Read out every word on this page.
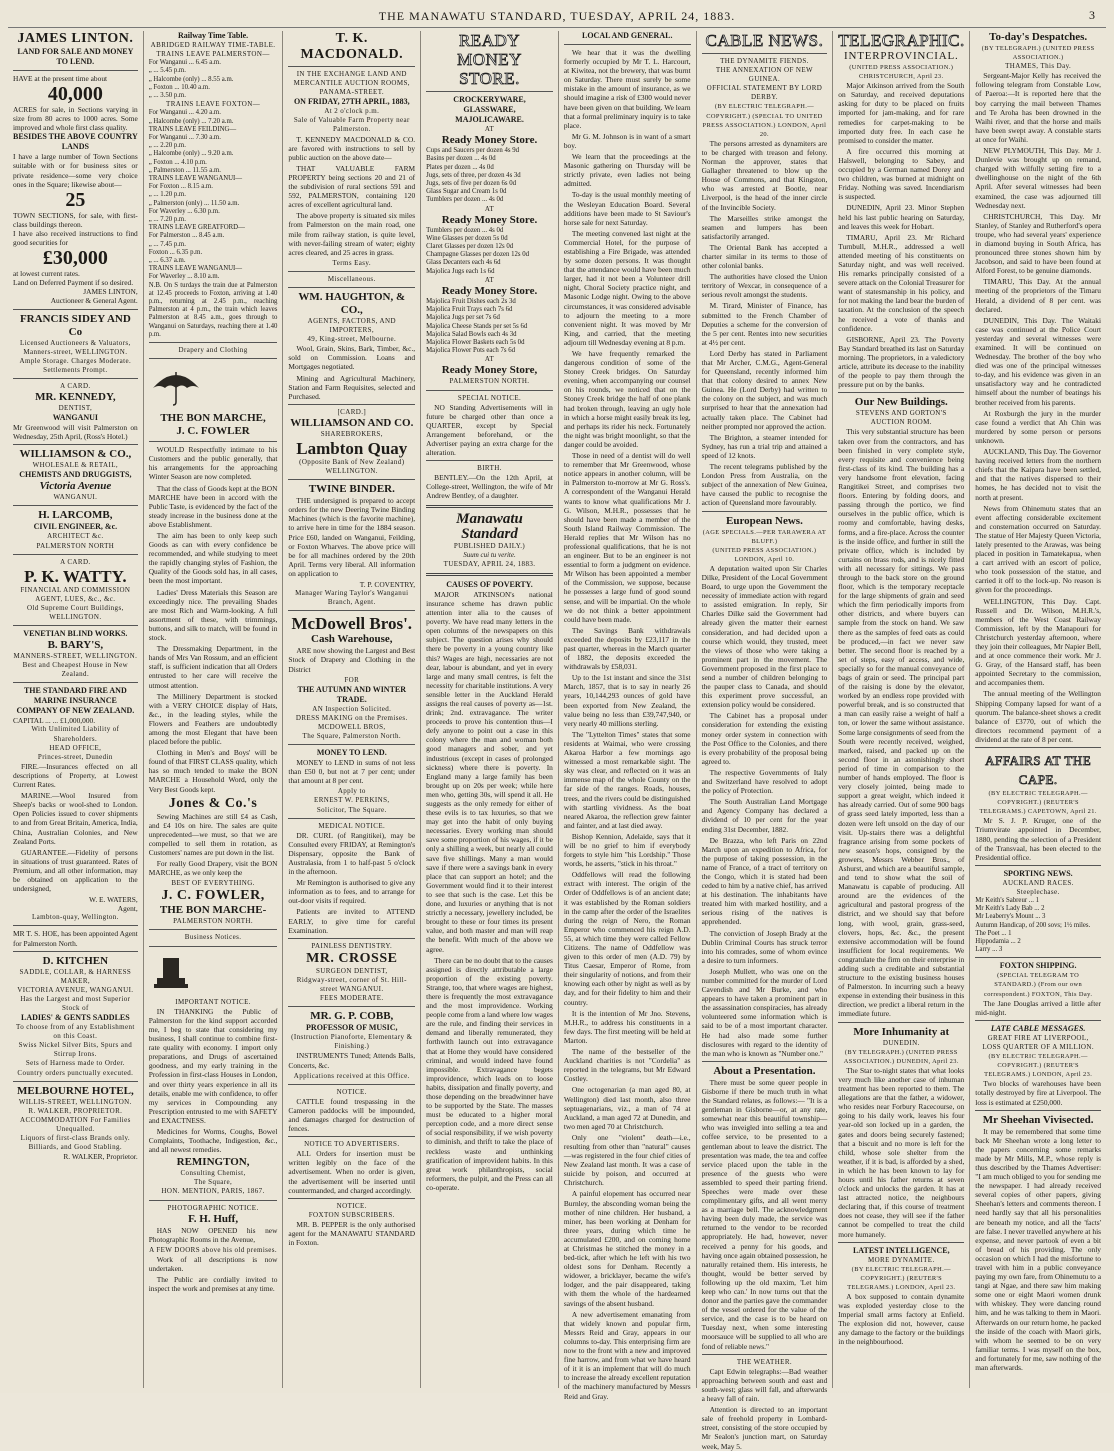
THE MANAWATU STANDARD, TUESDAY, APRIL 24, 1883.	3
JAMES LINTON.
LAND FOR SALE AND MONEY TO LEND.
HAVE at the present time about
40,000
ACRES for sale, in Sections varying in size from 80 acres to 1000 acres. Some improved and whole first class quality.
BESIDES THE ABOVE COUNTRY LANDS
I have a large number of Town Sections suitable with or for business sites or private residence—some very choice ones in the Square; likewise about—
25
TOWN SECTIONS, for sale, with first-class buildings thereon.
I have also received instructions to find good securities for
£30,000
at lowest current rates.
Land on Deferred Payment if so desired.
JAMES LINTON,
Auctioneer & General Agent.
FRANCIS SIDEY AND Co
Licensed Auctioneers & Valuators, Manners-street, WELLINGTON.
Ample Storage. Charges Moderate.
Settlements Prompt.
A CARD.
MR. KENNEDY,
DENTIST,
WANGANUI
Mr Greenwood will visit Palmerston on Wednesday, 25th April, (Ross's Hotel.)
WILLIAMSON & CO.,
WHOLESALE & RETAIL,
CHEMISTS AND DRUGGISTS,
Victoria Avenue
WANGANUI.
H. LARCOMB,
CIVIL ENGINEER, &c.
ARCHITECT &c.
PALMERSTON NORTH
A CARD.
P. K. WATTY.
FINANCIAL AND COMMISSION AGENT, LUES, &c., &c.
Old Supreme Court Buildings,
WELLINGTON.
VENETIAN BLIND WORKS.
B. BARY'S,
MANNERS-STREET, WELLINGTON.
Best and Cheapest House in New Zealand.
THE STANDARD FIRE AND MARINE INSURANCE COMPANY OF NEW ZEALAND.
CAPITAL ... ... £1,000,000.
With Unlimited Liability of Shareholders.
HEAD OFFICE,
Princes-street, Dunedin
FIRE.—Insurances effected on all descriptions of Property, at Lowest Current Rates.
MARINE.—Wool Insured from Sheep's backs or wool-shed to London. Open Policies issued to cover shipments to and from Great Britain, America, India, China, Australian Colonies, and New Zealand Ports.
GUARANTEE.—Fidelity of persons in situations of trust guaranteed. Rates of Premium, and all other information, may be obtained on application to the undersigned,
W. E. WATERS,
Agent,
Lambton-quay, Wellington.
MR T. S. HOE, has been appointed Agent for Palmerston North.
D. KITCHEN
SADDLE, COLLAR, & HARNESS MAKER,
VICTORIA AVENUE, WANGANUI.
Has the Largest and most Superior Stock of
LADIES' & GENTS SADDLES
To choose from of any Establishment on this Coast.
Swiss Nickel Silver Bits, Spurs and Stirrup Irons.
Sets of Harness made to Order.
Country orders punctually executed.
MELBOURNE HOTEL,
WILLIS-STREET, WELLINGTON.
R. WALKER, PROPRIETOR.
ACCOMMODATION For Families Unequalled.
Liquors of first-class Brands only.
Billiards, and Good Stabling.
R. WALKER, Proprietor.
Railway Time Table.
ABRIDGED RAILWAY TIME-TABLE.
TRAINS LEAVE PALMERSTON—
For Wanganui ... 6.45 a.m.
„ ... 5.45 p.m.
„ Halcombe (only) ... 8.55 a.m.
„ Foxton ... 10.40 a.m.
„ ... 3.50 p.m.
TRAINS LEAVE FOXTON—
For Wanganui ... 4.20 a.m.
„ Halcombe (only) ... 7.20 a.m.
TRAINS LEAVE FEILDING—
For Wanganui ... 7.30 a.m.
„ ... 2.20 p.m.
„ Halcombe (only) ... 9.20 a.m.
„ Foxton ... 4.10 p.m.
„ Palmerston ... 11.55 a.m.
TRAINS LEAVE WANGANUI—
For Foxton ... 8.15 a.m.
„ ... 1.20 p.m.
„ Palmerston (only) ... 11.50 a.m.
For Waverley ... 6.30 p.m.
„ ... 7.20 p.m.
TRAINS LEAVE GREATFORD—
For Palmerston ... 8.45 a.m.
„ ... 7.45 p.m.
Foxton ... 6.35 p.m.
„ ... 6.37 a.m.
TRAINS LEAVE WANGANUI—
For Waverley ... 8.10 a.m.
N.B. On S turdays the train due at Palmerston at 12.45 proceeds to Foxton, arriving at 1.40 p.m., returning at 2.45 p.m., reaching Palmerston at 4 p.m., the train which leaves Palmerston at 8.45 a.m., goes through to Wanganui on Saturdays, reaching there at 1.40 p.m.
Drapery and Clothing
THE BON MARCHE,
J. C. FOWLER
WOULD Respectfully intimate to his Customers and the public generally, that his arrangements for the approaching Winter Season are now completed.
That the class of Goods kept at the BON MARCHE have been in accord with the Public Taste, is evidenced by the fact of the steady increase in the business done at the above Establishment.
The aim has been to only keep such Goods as can with every confidence be recommended, and while studying to meet the rapidly changing styles of Fashion, the Quality of the Goods sold has, in all cases, been the most important.
Ladies' Dress Materials this Season are exceedingly nice. The prevailing Shades are most Rich and Warm-looking. A full assortment of these, with trimmings, buttons, and silk to match, will be found in stock.
The Dressmaking Department, in the hands of Mrs Van Rossum, and an efficient staff, is sufficient indication that all Orders entrusted to her care will receive the utmost attention.
The Millinery Department is stocked with a VERY CHOICE display of Hats, &c., in the leading styles, while the Flowers and Feathers are undoubtedly among the most Elegant that have been placed before the public.
Clothing in Men's and Boys' will be found of that FIRST CLASS quality, which has so much tended to make the BON MARCHE a Household Word, only the Very Best Goods kept.
Jones & Co.'s
Sewing Machines are still £4 as Cash, and £4 10s on hire. The sales are quite unprecedented—we must, so that we are compelled to sell them in rotation, as Customers' names are put down in the list.
For really Good Drapery, visit the BON MARCHE, as we only keep the
BEST OF EVERYTHING.
J. C. FOWLER,
THE BON MARCHE-
PALMERSTON NORTH.
Business Notices.
IMPORTANT NOTICE.
IN THANKING the Public of Palmerston for the kind support accorded me, I beg to state that considering my business, I shall continue to combine first-rate quality with economy. I import only preparations, and Drugs of ascertained goodness, and my early training in the Profession in first-class Houses in London, and over thirty years experience in all its details, enable me with confidence, to offer my services in Compounding any Prescription entrusted to me with SAFETY and EXACTNESS.
Medicines for Worms, Coughs, Bowel Complaints, Toothache, Indigestion, &c., and all newest remedies.
REMINGTON,
Consulting Chemist,
The Square,
HON. MENTION, PARIS, 1867.
PHOTOGRAPHIC NOTICE.
F. H. Huff,
HAS NOW OPENED his new Photographic Rooms in the Avenue,
A FEW DOORS above his old premises.
Work of all descriptions is now undertaken.
The Public are cordially invited to inspect the work and premises at any time.
T. K. MACDONALD.
IN THE EXCHANGE LAND AND MERCANTILE AUCTION ROOMS,
PANAMA-STREET.
ON FRIDAY, 27TH APRIL, 1883,
At 2 o'clock p.m.
Sale of Valuable Farm Property near Palmerston.
T. KENNEDY MACDONALD & CO. are favored with instructions to sell by public auction on the above date—
THAT VALUABLE FARM PROPERTY being sections 20 and 21 of the subdivision of rural sections 591 and 592, PALMERSTON, containing 120 acres of excellent agricultural land.
The above property is situated six miles from Palmerston on the main road, one mile from railway station, is quite level, with never-failing stream of water; eighty acres cleared, and 25 acres in grass.
Terms Easy.
Miscellaneous.
WM. HAUGHTON, & CO.,
AGENTS, FACTORS, AND IMPORTERS,
49, King-street, Melbourne.
Wool, Grain, Skins, Bark, Timber, &c., sold on Commission. Loans and Mortgages negotiated.
Mining and Agricultural Machinery, Station and Farm Requisites, selected and Purchased.
[CARD.]
WILLIAMSON AND CO.
SHAREBROKERS,
Lambton Quay
(Opposite Bank of New Zealand)
WELLINGTON.
TWINE BINDER.
THE undersigned is prepared to accept orders for the new Deering Twine Binding Machines (which is the favorite machine), to arrive here in time for the 1884 season. Price £60, landed on Wanganui, Feilding, or Foxton Wharves. The above price will be for all machines ordered by the 20th April. Terms very liberal. All information on application to
T. P. COVENTRY,
Manager Waring Taylor's Wanganui Branch, Agent.
McDowell Bros'.
Cash Warehouse,
ARE now showing the Largest and Best Stock of Drapery and Clothing in the District
FOR
THE AUTUMN AND WINTER TRADE.
AN Inspection Solicited.
DRESS MAKING on the Premises.
MCDOWELL BROS,
The Square, Palmerston North.
MONEY TO LEND.
MONEY to LEND in sums of not less than £50 0, but not at 7 per cent; under that amount at 8 per cent.
Apply to
ERNEST W. PERKINS,
Solicitor, The Square.
MEDICAL NOTICE.
DR. CURL (of Rangitikei), may be Consulted every FRIDAY, at Remington's Dispensary, opposite the Bank of Australasia, from 1 to half-past 5 o'clock in the afternoon.
Mr Remington is authorised to give any information as to fees, and to arrange for out-door visits if required.
Patients are invited to ATTEND EARLY, to give time for careful Examination.
PAINLESS DENTISTRY.
MR. CROSSE
SURGEON DENTIST,
Ridgway-street, corner of St. Hill-street WANGANUI.
FEES MODERATE.
MR. G. P. COBB,
PROFESSOR OF MUSIC,
(Instruction Pianoforte, Elementary & Finishing.)
INSTRUMENTS Tuned; Attends Balls, Concerts, &c.
Applications received at this Office.
NOTICE.
CATTLE found trespassing in the Cameron paddocks will be impounded, and damages charged for destruction of fences.
NOTICE TO ADVERTISERS.
ALL Orders for insertion must be written legibly on the face of the advertisement. When no order is given, the advertisement will be inserted until countermanded, and charged accordingly.
NOTICE.
FOXTON SUBSCRIBERS.
MR. B. PEPPER is the only authorised agent for the MANAWATU STANDARD in Foxton.
READY MONEY STORE.
CROCKERYWARE,
GLASSWARE,
MAJOLICAWARE.
AT
Ready Money Store.
Cups and Saucers per dozen 4s 9d
Basins per dozen ... 4s 0d
Plates per dozen ... 4s 0d
Jugs, sets of three, per dozen 4s 3d
Jugs, sets of five per dozen 6s 0d
Glass Sugar and Cream 1s 0d
Tumblers per dozen ... 4s 0d
AT
Ready Money Store.
Tumblers per dozen ... 4s 0d
Wine Glasses per dozen 5s 0d
Claret Glasses per dozen 12s 0d
Champagne Glasses per dozen 12s 0d
Glass Decanters each 4s 6d
Majolica Jugs each 1s 6d
AT
Ready Money Store.
Majolica Fruit Dishes each 2s 3d
Majolica Fruit Trays each 7s 6d
Majolica Jugs per set 7s 6d
Majolica Cheese Stands per set 5s 6d
Majolica Salad Bowls each 4s 3d
Majolica Flower Baskets each 5s 0d
Majolica Flower Pots each 7s 6d
AT
Ready Money Store,
PALMERSTON NORTH.
SPECIAL NOTICE.
NO Standing Advertisements will in future be charged other than once a QUARTER, except by Special Arrangement beforehand, or the Advertiser paying an extra charge for the alteration.
BIRTH.
BENTLEY.—On the 12th April, at College-street, Wellington, the wife of Mr Andrew Bentley, of a daughter.
Manawatu Standard
PUBLISHED DAILY.)
Suum cui tu verite.
TUESDAY, APRIL 24, 1883.
CAUSES OF POVERTY.
MAJOR ATKINSON's national insurance scheme has drawn public attention inter alia to the causes of poverty. We have read many letters in the open columns of the newspapers on this subject. The question arises why should there be poverty in a young country like this? Wages are high, necessaries are not dear, labour is abundant, and yet in every large and many small centres, is felt the necessity for charitable institutions. A very sensible letter in the Auckland Herald assigns the real causes of poverty as—1st. drink; 2nd. extravagance. The writer proceeds to prove his contention thus—I defy anyone to point out a case in this colony where the man and woman both good managers and sober, and yet industrious (except in cases of prolonged sickness) where there is poverty. In England many a large family has been brought up on 20s per week; while here men who, getting 30s, will spend it all. He suggests as the only remedy for either of these evils is to tax luxuries, so that we may get into the habit of only buying necessaries. Every working man should save some proportion of his wages, if it be only a shilling a week, but nearly all could save five shillings. Many a man would save if there were a savings bank in every place that can support an hotel; and the Government would find it to their interest to see that such is the case. Let this be done, and luxuries or anything that is not strictly a necessary, jewellery included, be brought to these or four times its present value, and both master and man will reap the benefit. With much of the above we agree.
There can be no doubt that to the causes assigned is directly attributable a large proportion of the existing poverty. Strange, too, that where wages are highest, there is frequently the most extravagance and the most improvidence. Working people come from a land where low wages are the rule, and finding their services in demand and liberally remunerated, they forthwith launch out into extravagance that at Home they would have considered criminal, and would indeed have found impossible. Extravagance begets improvidence, which leads on to loose habits, dissipation and finally poverty, and those depending on the breadwinner have to be supported by the State. The masses must be educated to a higher moral perception code, and a more direct sense of social responsibility, if we wish poverty to diminish, and thrift to take the place of reckless waste and unthinking gratification of improvident habits. In this great work philanthropists, social reformers, the pulpit, and the Press can all co-operate.
LOCAL AND GENERAL.
We hear that it was the dwelling formerly occupied by Mr T. L. Harcourt, at Kiwitea, not the brewery, that was burnt on Saturday. There must surely be some mistake in the amount of insurance, as we should imagine a risk of £300 would never have been given on that building. We learn that a formal preliminary inquiry is to take place.
Mr G. M. Johnson is in want of a smart boy.
We learn that the proceedings at the Masonic gathering on Thursday will be strictly private, even ladies not being admitted.
To-day is the usual monthly meeting of the Wesleyan Education Board. Several additions have been made to St Saviour's horse sale for next Saturday.
The meeting convened last night at the Commercial Hotel, for the purpose of establishing a Fire Brigade, was attended by some dozen persons. It was thought that the attendance would have been much larger, had it not been a Volunteer drill night, Choral Society practice night, and Masonic Lodge night. Owing to the above circumstances, it was considered advisable to adjourn the meeting to a more convenient night. It was moved by Mr King, and carried, that the meeting adjourn till Wednesday evening at 8 p.m.
We have frequently remarked the dangerous condition of some of the Stoney Creek bridges. On Saturday evening, when accompanying our counsel on his rounds, we noticed that on the Stoney Creek bridge the half of one plank had broken through, leaving an ugly hole in which a horse might easily break its leg, and perhaps its rider his neck. Fortunately the night was bright moonlight, so that the danger could be avoided.
Those in need of a dentist will do well to remember that Mr Greenwood, whose notice appears in another column, will be in Palmerston to-morrow at Mr G. Ross's. A correspondent of the Wanganui Herald wants to know what qualifications Mr J. G. Wilson, M.H.R., possesses that he should have been made a member of the South Island Railway Commission. The Herald replies that Mr Wilson has no professional qualifications, that he is not an engineer. But to be an engineer is not essential to form a judgment on evidence. Mr Wilson has been appointed a member of the Commission, we suppose, because he possesses a large fund of good sound sense, and will be impartial. On the whole we do not think a better appointment could have been made.
The Savings Bank withdrawals exceeded the deposits by £23,117 in the past quarter, whereas in the March quarter of 1882, the deposits exceeded the withdrawals by £58,031.
Up to the 1st instant and since the 31st March, 1857, that is to say in nearly 26 years, 10,144,293 ounces of gold have been exported from New Zealand, the value being no less than £39,747,940, or very nearly 40 millions sterling.
The "Lyttelton Times" states that some residents at Waimai, who were crossing Akaroa Harbor a few mornings ago witnessed a most remarkable sight. The sky was clear, and reflected on it was an immense map of the whole County on the far side of the ranges. Roads, houses, trees, and the rivers could be distinguished with startling vividness. As the boat neared Akaroa, the reflection grew fainter and fainter, and at last died away.
Bishop Kennion, Adelaide, says that it will be no grief to him if everybody forgets to style him "his Lordship." Those words, he asserts, "stick in his throat."
Oddfellows will read the following extract with interest. The origin of the Order of Oddfellows is of an ancient date; it was established by the Roman soldiers in the camp after the order of the Israelites during the reign of Nero, the Roman Emperor who commenced his reign A.D. 55, at which time they were called Fellow Citizens. The name of Oddfellow was given to this order of men (A.D. 79) by Titus Caesar, Emperor of Rome, from their singularity of notions, and from their knowing each other by night as well as by day, and for their fidelity to him and their country.
It is the intention of Mr Jno. Stevens, M.H.R., to address his constituents in a few days. The first meeting will be held at Marton.
The name of the bestseller of the Auckland charities is not "Cordelia" as reported in the telegrams, but Mr Edward Costley.
One octogenarian (a man aged 80, at Wellington) died last month, also three septuagenarians, viz., a man of 74 at Auckland, a man aged 72 at Dunedin, and two men aged 70 at Christchurch.
Only one "violent" death—i.e., resulting from other than "natural" causes—was registered in the four chief cities of New Zealand last month. It was a case of suicide by poison, and occurred at Christchurch.
A painful elopement has occurred near Burnley, the absconding woman being the mother of nine children. Her husband, a miner, has been working at Denham for three years, during which time he accumulated £200, and on coming home at Christmas he stitched the money in a bed-tick, after which he left with his two oldest sons for Denham. Recently a widower, a bricklayer, became the wife's lodger, and the pair disappeared, taking with them the whole of the hardearned savings of the absent husband.
A new advertisement emanating from that widely known and popular firm, Messrs Reid and Gray, appears in our columns to-day. This enterprising firm are now to the front with a new and improved fine harrow, and from what we have heard of it it is an implement that will do much to increase the already excellent reputation of the machinery manufactured by Messrs Reid and Gray.
CABLE NEWS.
THE DYNAMITE FIENDS.
THE ANNEXATION OF NEW GUINEA.
OFFICIAL STATEMENT BY LORD DERBY.
(BY ELECTRIC TELEGRAPH.—COPYRIGHT.) (SPECIAL TO UNITED PRESS ASSOCIATION.) LONDON, April 20.
The persons arrested as dynamiters are to be charged with treason and felony. Norman the approver, states that Gallagher threatened to blow up the House of Commons, and that Kingston, who was arrested at Bootle, near Liverpool, is the head of the inner circle of the Invincible Society.
The Marseilles strike amongst the seamen and lumpers has been satisfactorily arranged.
The Oriental Bank has accepted a charter similar in its terms to those of other colonial banks.
The authorities have closed the Union territory of Wexcar, in consequence of a serious revolt amongst the students.
M. Tirard, Minister of Finance, has submitted to the French Chamber of Deputies a scheme for the conversion of the 5 per cent. Rentes into new securities at 4½ per cent.
Lord Derby has stated in Parliament that Mr Archer, C.M.G., Agent-General for Queensland, recently informed him that that colony desired to annex New Guinea. He (Lord Derby) had written to the colony on the subject, and was much surprised to hear that the annexation had actually taken place. The Cabinet had neither prompted nor approved the action.
The Brighton, a steamer intended for Sydney, has run a trial trip and attained a speed of 12 knots.
The recent telegrams published by the London Press from Australia, on the subject of the annexation of New Guinea, have caused the public to recognise the action of Queensland more favourably.
European News.
(AGE SPECIALS.—PER TARAWERA AT BLUFF.)
(UNITED PRESS ASSOCIATION.) LONDON, April 10.
A deputation waited upon Sir Charles Dilke, President of the Local Government Board, to urge upon the Government the necessity of immediate action with regard to assisted emigration. In reply, Sir Charles Dilke said the Government had already given the matter their earnest consideration, and had decided upon a course which would, they trusted, meet the views of those who were taking a prominent part in the movement. The Government proposed in the first place to send a number of children belonging to the pauper class to Canada, and should this experiment prove successful, an extension policy would be considered.
The Cabinet has a proposal under consideration for extending the existing money order system in connection with the Post Office to the Colonies, and there is every probability of the proposal being agreed to.
The respective Governments of Italy and Switzerland have resolved to adopt the policy of Protection.
The South Australian Land Mortgage and Agency Company has declared a dividend of 10 per cent for the year ending 31st December, 1882.
De Brazza, who left Paris on 22nd March upon an expedition to Africa, for the purpose of taking possession, in the name of France, of a tract of territory on the Congo, which it is stated had been ceded to him by a native chief, has arrived at his destination. The inhabitants have treated him with marked hostility, and a serious rising of the natives is apprehended.
The conviction of Joseph Brady at the Dublin Criminal Courts has struck terror into his comrades, some of whom evince a desire to turn informers.
Joseph Mullett, who was one on the number committed for the murder of Lord Cavendish and Mr Burke, and who appears to have taken a prominent part in the assassination conspiracies, has already volunteered some information which is said to be of a most important character. He had also made some further disclosures with regard to the identity of the man who is known as "Number one."
About a Presentation.
There must be some queer people in Gisborne if there be much truth in what the Standard relates, as follows:— "It is a gentleman in Gisborne—or, at any rate, somewhat near this beautiful township—who was inveigled into selling a tea and coffee service, to be presented to a gentleman about to leave the district. The presentation was made, the tea and coffee service placed upon the table in the presence of the guests who were assembled to speed their parting friend. Speeches were made over these complimentary gifts, and all went merry as a marriage bell. The acknowledgment having been duly made, the service was returned to the vendor to be recorded appropriately. He had, however, never received a penny for his goods, and having once again obtained possession, he naturally retained them. His interests, he thought, would be better served by following up the old maxim, 'Let him keep who can.' In now turns out that the donor and the parties gave the commander of the vessel ordered for the value of the service, and the case is to be heard on Tuesday next, when some interesting moorsauce will be supplied to all who are fond of reliable news."
THE WEATHER.
Capt Edwin telegraphs:—Bad weather approaching between south and east and south-west; glass will fall, and afterwards a heavy fall of rain.
Attention is directed to an important sale of freehold property in Lombard-street, consisting of the store occupied by Mr Sealon's junction mart, on Saturday week, May 5.
TELEGRAPHIC.
INTERPROVINCIAL.
(UNITED PRESS ASSOCIATION.) CHRISTCHURCH, April 23.
Major Atkinson arrived from the South on Saturday, and received deputations asking for duty to be placed on fruits imported for jam-making, and for rare remedies for carpet-making to be imported duty free. In each case he promised to consider the matter.
A fire occurred this morning at Halswell, belonging to Sabey, and occupied by a German named Dorey and two children, was burned at midnight on Friday. Nothing was saved. Incendiarism is suspected.
DUNEDIN, April 23. Minor Stephen held his last public hearing on Saturday, and leaves this week for Hobart.
TIMARU, April 23. Mr Richard Turnbull, M.H.R., addressed a well attended meeting of his constituents on Saturday night, and was well received. His remarks principally consisted of a severe attack on the Colonial Treasurer for want of statesmanship in his policy, and for not making the land bear the burden of taxation. At the conclusion of the speech he received a vote of thanks and confidence.
GISBORNE, April 23. The Poverty Bay Standard breathed its last on Saturday morning. The proprietors, in a valedictory article, attribute its decease to the inability of the people to pay them through the pressure put on by the banks.
Our New Buildings.
STEVENS AND GORTON'S AUCTION ROOM.
This very substantial structure has been taken over from the contractors, and has been finished in very complete style, every requisite and convenience being first-class of its kind. The building has a very handsome front elevation, facing Rangitikei Street, and comprises two floors. Entering by folding doors, and passing through the portico, we find ourselves in the public office, which is roomy and comfortable, having desks, forms, and a fire-place. Across the counter is the inside office, and further in still the private office, which is included by curtains on brass rods, and is nicely fitted with all necessary for sittings. We pass through to the back store on the ground floor, which is the temporary receptacle for the large shipments of grain and seed which the firm periodically imports from other districts, and where buyers can sample from the stock on hand. We saw there as the samples of feed oats as could be produced,—in fact we never saw better. The second floor is reached by a set of steps, easy of access, and wide, specially so for the manual conveyance of bags of grain or seed. The principal part of the raising is done by the elevator, worked by an endless rope provided with powerful break, and is so constructed that a man can easily raise a weight of half a ton, or lower the same without assistance. Some large consignments of seed from the South were recently received, weighed, marked, raised, and packed up on the second floor in an astonishingly short period of time in comparison to the number of hands employed. The floor is very closely jointed, being made to support a great weight, which indeed it has already carried. Out of some 900 bags of grass seed lately imported, less than a dozen were left unsold on the day of our visit. Up-stairs there was a delightful fragrance arising from some pockets of new season's hops, consigned by the growers, Messrs Webber Bros., of Ashurst, and which are a beautiful sample, and tend to show what the soil of Manawatu is capable of producing. All around are the evidences of the agricultural and pastoral progress of the district, and we should say that before long, with wool, grain, grass-seed, clovers, hops, &c. &c., the present extensive accommodation will be found insufficient for local requirements. We congratulate the firm on their enterprise in adding such a creditable and substantial structure to the existing business houses of Palmerston. In incurring such a heavy expense in extending their business in this direction, we predict a liberal return in the immediate future.
More Inhumanity at
DUNEDIN.
(BY TELEGRAPH.) (UNITED PRESS ASSOCIATION.) DUNEDIN, April 23.
The Star to-night states that what looks very much like another case of inhuman treatment has been reported to them. The allegations are that the father, a widower, who resides near Forbury Racecourse, on going to his daily work, leaves his four year-old son locked up in a garden, the gates and doors being securely fastened; that a biscuit and no more is left for the child, whose sole shelter from the weather, if it is bad, is afforded by a shed, in which he has been known to lay for hours until his father returns at seven o'clock and unlocks the garden. It has at last attracted notice, the neighbours declaring that, if this course of treatment does not cease, they will see if the father cannot be compelled to treat the child more humanely.
LATEST INTELLIGENCE,
MORE DYNAMITE.
(BY ELECTRIC TELEGRAPH.—COPYRIGHT.) (REUTER'S TELEGRAMS.) LONDON, April 23.
A box supposed to contain dynamite was exploded yesterday close to the Imperial small arms factory at Enfield. The explosion did not, however, cause any damage to the factory or the buildings in the neighbourhood.
To-day's Despatches.
(BY TELEGRAPH.) (UNITED PRESS ASSOCIATION.)
THAMES, This Day.
Sergeant-Major Kelly has received the following telegram from Constable Low, of Paeroa:—It is reported here that the boy carrying the mail between Thames and Te Aroha has been drowned in the Waihi river, and that the horse and mails have been swept away. A constable starts at once for Waihi.
NEW PLYMOUTH, This Day. Mr J. Dunlevie was brought up on remand, charged with wilfully setting fire to a dwellinghouse on the night of the 6th April. After several witnesses had been examined, the case was adjourned till Wednesday next.
CHRISTCHURCH, This Day. Mr Stanley, of Stanley and Rutherford's opera troupe, who had several years' experience in diamond buying in South Africa, has pronounced three stones shown him by Jacobson, and said to have been found at Alford Forest, to be genuine diamonds.
TIMARU, This Day. At the annual meeting of the proprietors of the Timaru Herald, a dividend of 8 per cent. was declared.
DUNEDIN, This Day. The Waitaki case was continued at the Police Court yesterday and several witnesses were examined. It will be continued on Wednesday. The brother of the boy who died was one of the principal witnesses to-day, and his evidence was given in an unsatisfactory way and he contradicted himself about the number of beatings his brother received from his parents.
At Roxburgh the jury in the murder case found a verdict that Ah Chin was murdered by some person or persons unknown.
AUCKLAND, This Day. The Governor having received letters from the northern chiefs that the Kaipara have been settled, and that the natives dispersed to their homes, he has decided not to visit the north at present.
News from Ohinemutu states that an event affecting considerable excitement and consternation occurred on Saturday. The statue of Her Majesty Queen Victoria, lately presented to the Arawas, was being placed in position in Tamatekapua, when a cart arrived with an escort of police, who took possession of the statue, and carried it off to the lock-up. No reason is given for the proceedings.
WELLINGTON, This Day. Capt. Russell and Dr. Wilson, M.H.R.'s, members of the West Coast Railway Commission, left by the Manapouri for Christchurch yesterday afternoon, where they join their colleagues, Mr Napier Bell, and at once commence their work. Mr J. G. Gray, of the Hansard staff, has been appointed Secretary to the commission, and accompanies them.
The annual meeting of the Wellington Shipping Company lapsed for want of a quorum. The balance-sheet shows a credit balance of £3770, out of which the directors recommend payment of a dividend at the rate of 8 per cent.
AFFAIRS AT THE CAPE.
(BY ELECTRIC TELEGRAPH.—COPYRIGHT.) (REUTER'S TELEGRAMS.) CAPETOWN, April 21.
Mr S. J. P. Kruger, one of the Triumvirate appointed in December, 1880, pending the selection of a President of the Transvaal, has been elected to the Presidential office.
SPORTING NEWS.
AUCKLAND RACES.
Steeplechase.
Mr Keith's Sabreur ... 1
Mr Keith's Lady Bab ... 2
Mr Leaberry's Mount ... 3
Autumn Handicap, of 200 sovs; 1½ miles.
The Poet ... 1
Hippodamia ... 2
Larry ... 3
FOXTON SHIPPING.
(SPECIAL TELEGRAM TO STANDARD.) (From our own correspondent.) FOXTON, This Day.
The Jane Douglas arrived a little after mid-night.
LATE CABLE MESSAGES.
GREAT FIRE AT LIVERPOOL,
LOSS QUARTER OF A MILLION.
(BY ELECTRIC TELEGRAPH.—COPYRIGHT.) (REUTER'S TELEGRAMS.) LONDON, April 23.
Two blocks of warehouses have been totally destroyed by fire at Liverpool. The loss is estimated at £250,000.
Mr Sheehan Vivisected.
It may be remembered that some time back Mr Sheehan wrote a long letter to the papers concerning some remarks made by Mr Mills, M.P., whose reply is thus described by the Thames Advertiser: "I am much obliged to you for sending me the newspaper. I had already received several copies of other papers, giving Sheehan's letters and comments thereon. I need hardly say that all his personalities are beneath my notice, and all the 'facts' are false. I never travelled anywhere at his expense, and never partook of even a bit of bread of his providing. The only occasion on which I had the misfortune to travel with him in a public conveyance paying my own fare, from Ohinemutu to a tangi at Ngae, and there saw him making some one or eight Maori women drunk with whiskey. They were dancing round him, and he was talking to them in Maori. Afterwards on our return home, he packed the inside of the coach with Maori girls, with whom he seemed to be on very familiar terms. I was myself on the box, and fortunately for me, saw nothing of the man afterwards.
